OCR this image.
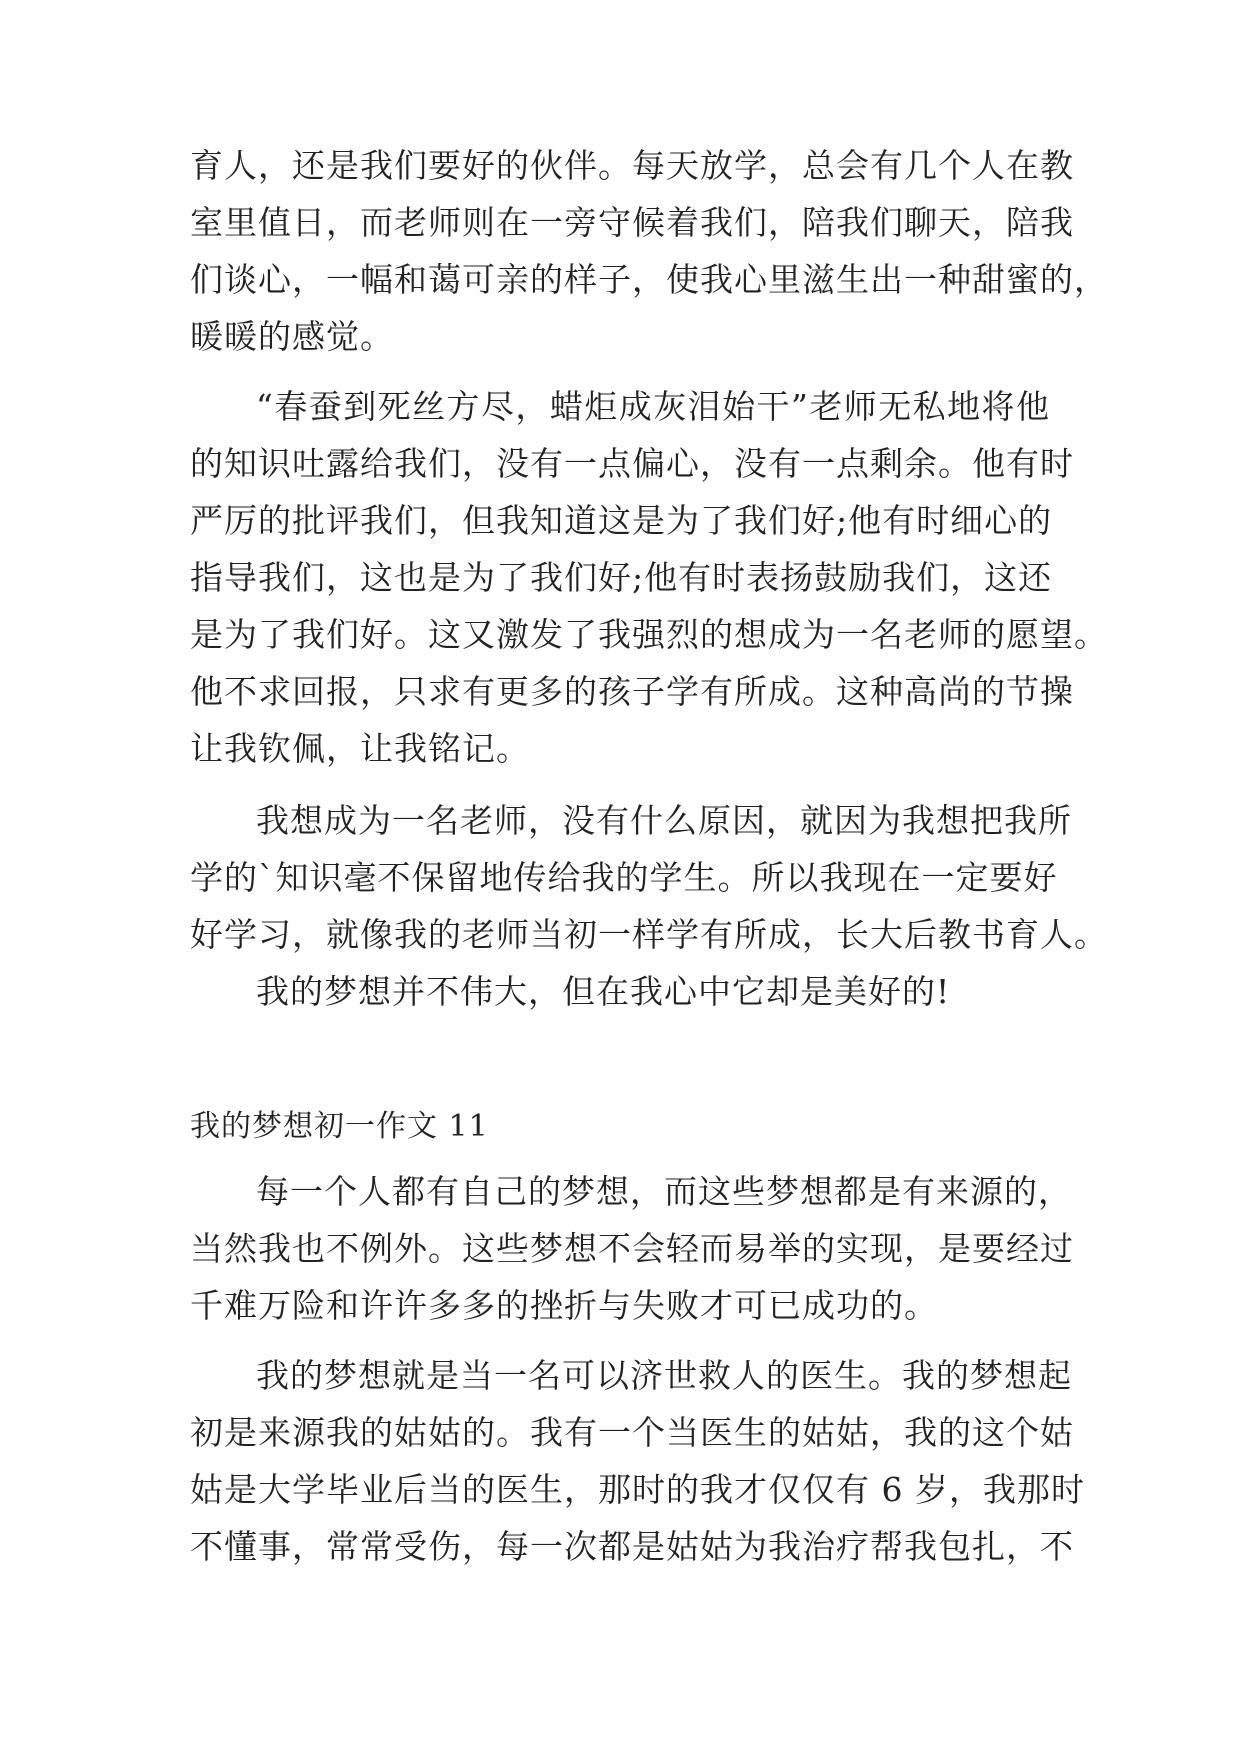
育人，还是我们要好的伙伴。每天放学，总会有几个人在教
室里值日，而老师则在一旁守候着我们，陪我们聊天，陪我
们谈心，一幅和蔼可亲的样子，使我心里滋生出一种甜蜜的，
暖暖的感觉。
“春蚕到死丝方尽，蜡炬成灰泪始干”老师无私地将他
的知识吐露给我们，没有一点偏心，没有一点剩余。他有时
严厉的批评我们，但我知道这是为了我们好;他有时细心的
指导我们，这也是为了我们好;他有时表扬鼓励我们，这还
是为了我们好。这又激发了我强烈的想成为一名老师的愿望。
他不求回报，只求有更多的孩子学有所成。这种高尚的节操
让我钦佩，让我铭记。
我想成为一名老师，没有什么原因，就因为我想把我所
学的`知识毫不保留地传给我的学生。所以我现在一定要好
好学习，就像我的老师当初一样学有所成，长大后教书育人。
我的梦想并不伟大，但在我心中它却是美好的!
我的梦想初一作文 11
每一个人都有自己的梦想，而这些梦想都是有来源的，
当然我也不例外。这些梦想不会轻而易举的实现，是要经过
千难万险和许许多多的挫折与失败才可已成功的。
我的梦想就是当一名可以济世救人的医生。我的梦想起
初是来源我的姑姑的。我有一个当医生的姑姑，我的这个姑
姑是大学毕业后当的医生，那时的我才仅仅有 6 岁，我那时
不懂事，常常受伤，每一次都是姑姑为我治疗帮我包扎，不
